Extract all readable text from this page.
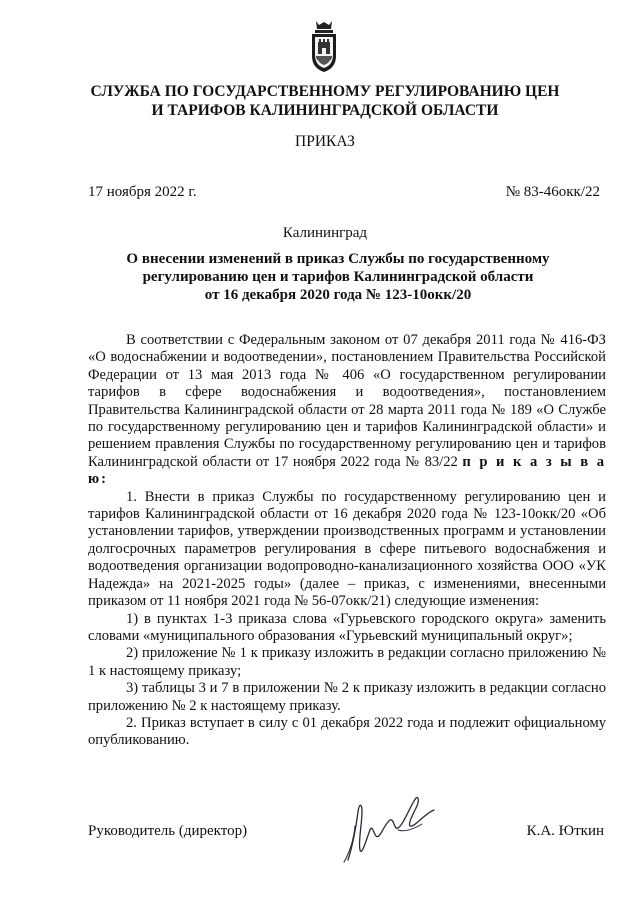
СЛУЖБА ПО ГОСУДАРСТВЕННОМУ РЕГУЛИРОВАНИЮ ЦЕН
И ТАРИФОВ КАЛИНИНГРАДСКОЙ ОБЛАСТИ
ПРИКАЗ
17 ноября 2022 г.	№ 83-46окк/22
Калининград
О внесении изменений в приказ Службы по государственному
регулированию цен и тарифов Калининградской области
от 16 декабря 2020 года № 123-10окк/20

В соответствии с Федеральным законом от 07 декабря 2011 года № 416-ФЗ «О водоснабжении и водоотведении», постановлением Правительства Российской Федерации от 13 мая 2013 года № 406 «О государственном регулировании тарифов в сфере водоснабжения и водоотведения», постановлением Правительства Калининградской области от 28 марта 2011 года № 189 «О Службе по государственному регулированию цен и тарифов Калининградской области» и решением правления Службы по государственному регулированию цен и тарифов Калининградской области от 17 ноября 2022 года № 83/22 п р и к а з ы в а ю:

1. Внести в приказ Службы по государственному регулированию цен и тарифов Калининградской области от 16 декабря 2020 года № 123-10окк/20 «Об установлении тарифов, утверждении производственных программ и установлении долгосрочных параметров регулирования в сфере питьевого водоснабжения и водоотведения организации водопроводно-канализационного хозяйства ООО «УК Надежда» на 2021-2025 годы» (далее – приказ, с изменениями, внесенными приказом от 11 ноября 2021 года № 56-07окк/21) следующие изменения:

1) в пунктах 1-3 приказа слова «Гурьевского городского округа» заменить словами «муниципального образования «Гурьевский муниципальный округ»;

2) приложение № 1 к приказу изложить в редакции согласно приложению № 1 к настоящему приказу;

3) таблицы 3 и 7 в приложении № 2 к приказу изложить в редакции согласно приложению № 2 к настоящему приказу.

2. Приказ вступает в силу с 01 декабря 2022 года и подлежит официальному опубликованию.

Руководитель (директор)	К.А. Юткин
